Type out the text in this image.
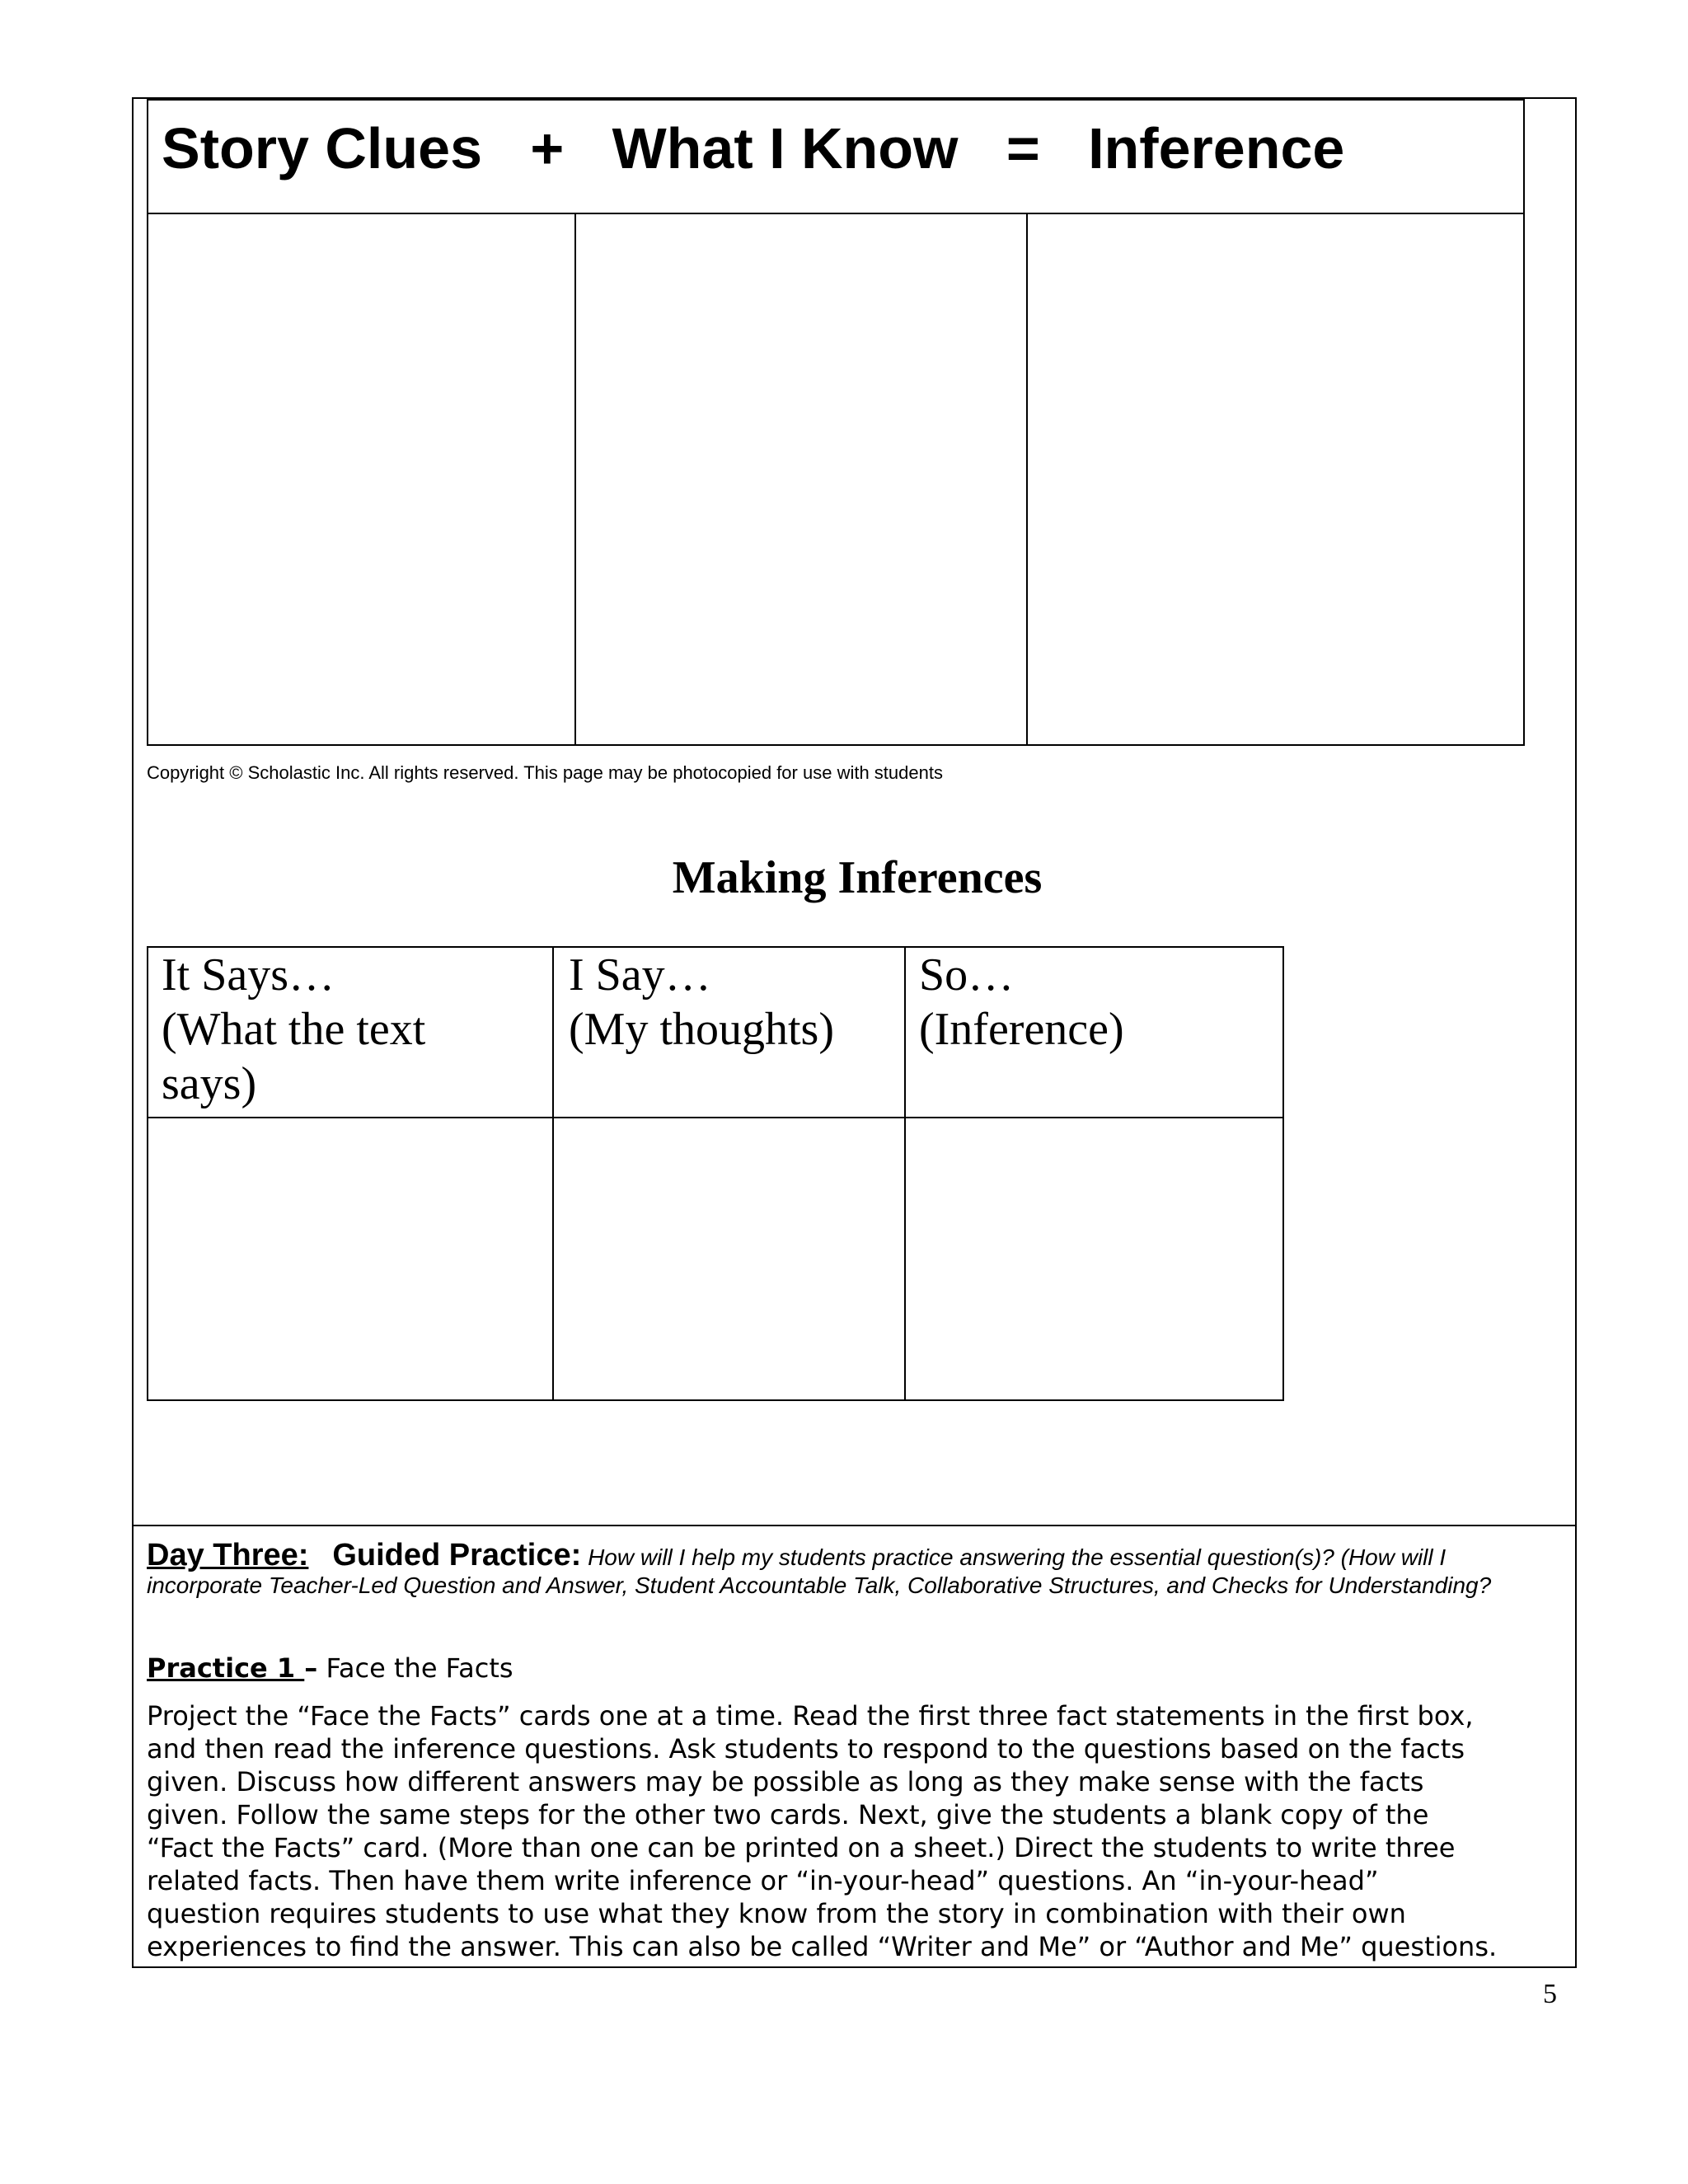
Story Clues   +   What I Know   =   Inference
Copyright © Scholastic Inc. All rights reserved. This page may be photocopied for use with students
Making Inferences
It Says…
(What the text
says)
I Say…
(My thoughts)
So…
(Inference)
Day Three: Guided Practice: How will I help my students practice answering the essential question(s)? (How will I incorporate Teacher-Led Question and Answer, Student Accountable Talk, Collaborative Structures, and Checks for Understanding?
Practice 1 – Face the Facts
Project the “Face the Facts” cards one at a time. Read the first three fact statements in the first box,
and then read the inference questions. Ask students to respond to the questions based on the facts
given. Discuss how different answers may be possible as long as they make sense with the facts
given. Follow the same steps for the other two cards. Next, give the students a blank copy of the
“Fact the Facts” card. (More than one can be printed on a sheet.) Direct the students to write three
related facts. Then have them write inference or “in-your-head” questions. An “in-your-head”
question requires students to use what they know from the story in combination with their own
experiences to find the answer. This can also be called “Writer and Me” or “Author and Me” questions.
5
